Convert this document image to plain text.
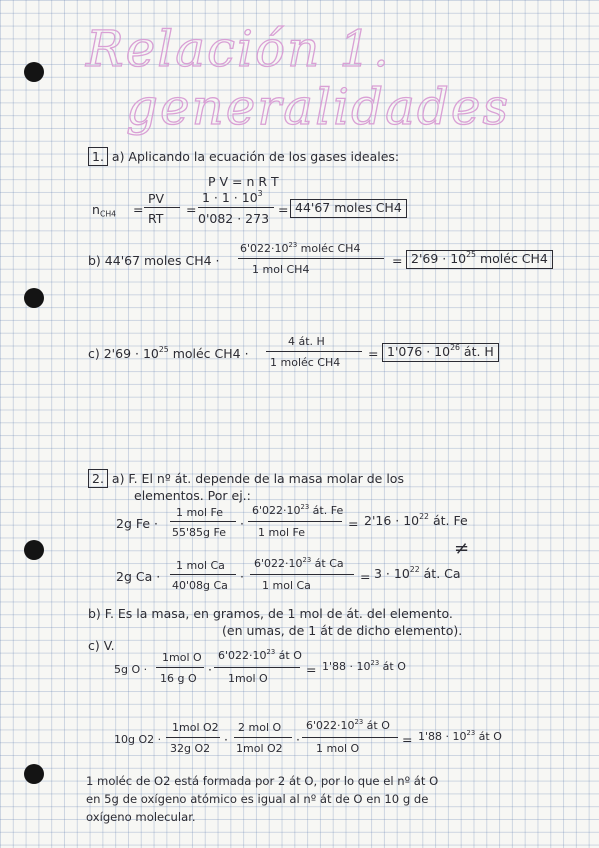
Relación 1.
generalidades
1. a) Aplicando la ecuación de los gases ideales:
P V = n R T
$n_{CH4}$ =
PV
RT
=
$1 \cdot 1 \cdot 10^3$
0'082 · 273
= 44'67 moles CH4
b) 44'67 moles CH4 ·
$6'022\cdot 10^{23}$ moléc CH4
1 mol CH4
= $2'69 \cdot 10^{25}$ moléc CH4
c) $2'69 \cdot 10^{25}$ moléc CH4 ·
4 át. H
1 moléc CH4
= $1'076 \cdot 10^{26}$ át. H
2. a) F. El nº át. depende de la masa molar de los
elementos. Por ej.:
2g Fe ·
1 mol Fe
55'85g Fe
·
$6'022\cdot 10^{23}$ át. Fe
1 mol Fe
= $2'16 \cdot 10^{22}$ át. Fe
≠
2g Ca ·
1 mol Ca
40'08g Ca
·
$6'022\cdot 10^{23}$ át Ca
1 mol Ca
= $3 \cdot 10^{22}$ át. Ca
b) F. Es la masa, en gramos, de 1 mol de át. del elemento.
(en umas, de 1 át de dicho elemento).
c) V.
5g O ·
1mol O
16 g O
·
$6'022\cdot 10^{23}$ át O
1mol O
= $1'88 \cdot 10^{23}$ át O
10g O2 ·
1mol O2
32g O2
·
2 mol O
1mol O2
·
$6'022\cdot 10^{23}$ át O
1 mol O
= $1'88 \cdot 10^{23}$ át O
1 moléc de O2 está formada por 2 át O, por lo que el nº át O
en 5g de oxígeno atómico es igual al nº át de O en 10 g de
oxígeno molecular.
